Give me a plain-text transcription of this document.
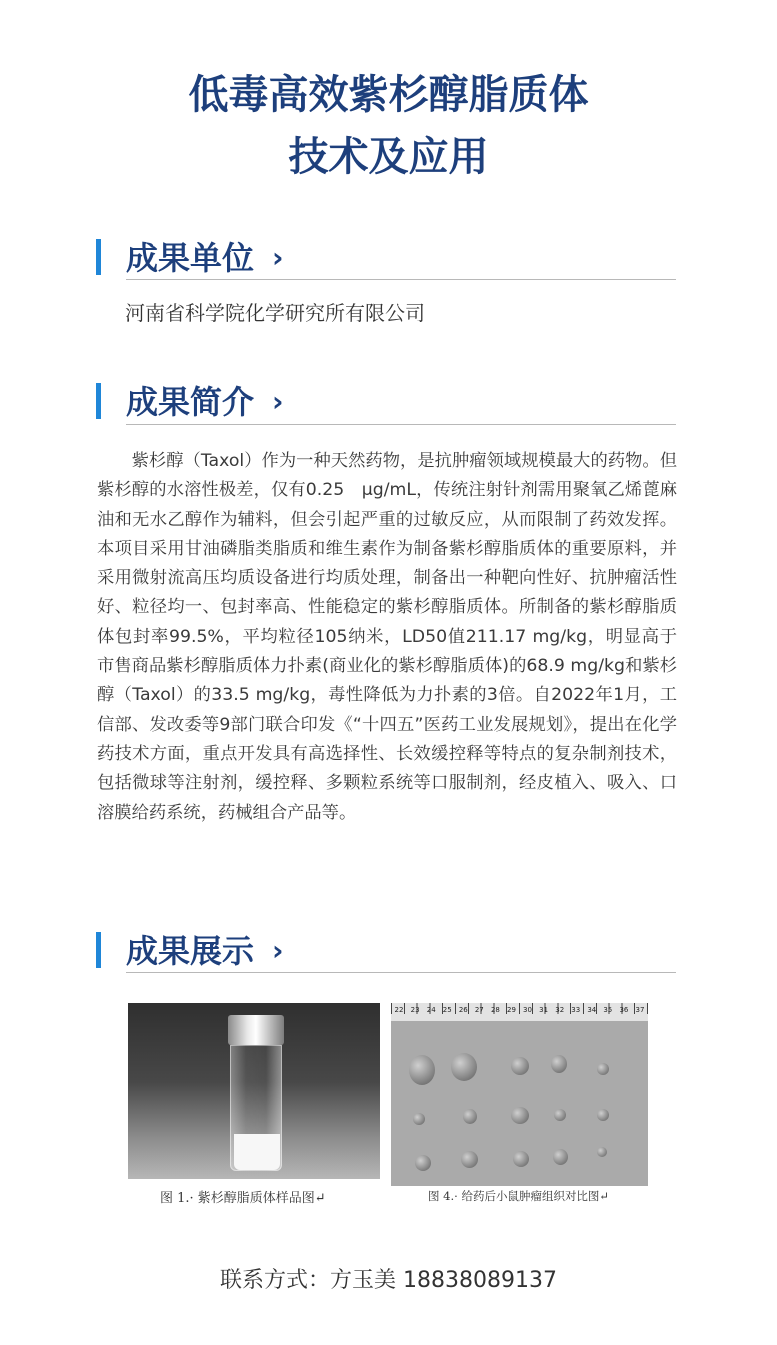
低毒高效紫杉醇脂质体
技术及应用
成果单位 ›
河南省科学院化学研究所有限公司
成果简介 ›
　　紫杉醇（Taxol）作为一种天然药物，是抗肿瘤领域规模最大的药物。但紫杉醇的水溶性极差，仅有0.25　μg/mL，传统注射针剂需用聚氧乙烯蓖麻油和无水乙醇作为辅料，但会引起严重的过敏反应，从而限制了药效发挥。本项目采用甘油磷脂类脂质和维生素作为制备紫杉醇脂质体的重要原料，并采用微射流高压均质设备进行均质处理，制备出一种靶向性好、抗肿瘤活性好、粒径均一、包封率高、性能稳定的紫杉醇脂质体。所制备的紫杉醇脂质体包封率99.5%，平均粒径105纳米，LD50值211.17 mg/kg，明显高于市售商品紫杉醇脂质体力扑素(商业化的紫杉醇脂质体)的68.9 mg/kg和紫杉醇（Taxol）的33.5 mg/kg，毒性降低为力扑素的3倍。自2022年1月，工信部、发改委等9部门联合印发《“十四五”医药工业发展规划》，提出在化学药技术方面，重点开发具有高选择性、长效缓控释等特点的复杂制剂技术，包括微球等注射剂，缓控释、多颗粒系统等口服制剂，经皮植入、吸入、口溶膜给药系统，药械组合产品等。
成果展示 ›
图 1.· 紫杉醇脂质体样品图↵
22 23 24 25 26 27 28 29 30 31 32 33 34 35 36 37
图 4.· 给药后小鼠肿瘤组织对比图↵
联系方式：方玉美 18838089137
